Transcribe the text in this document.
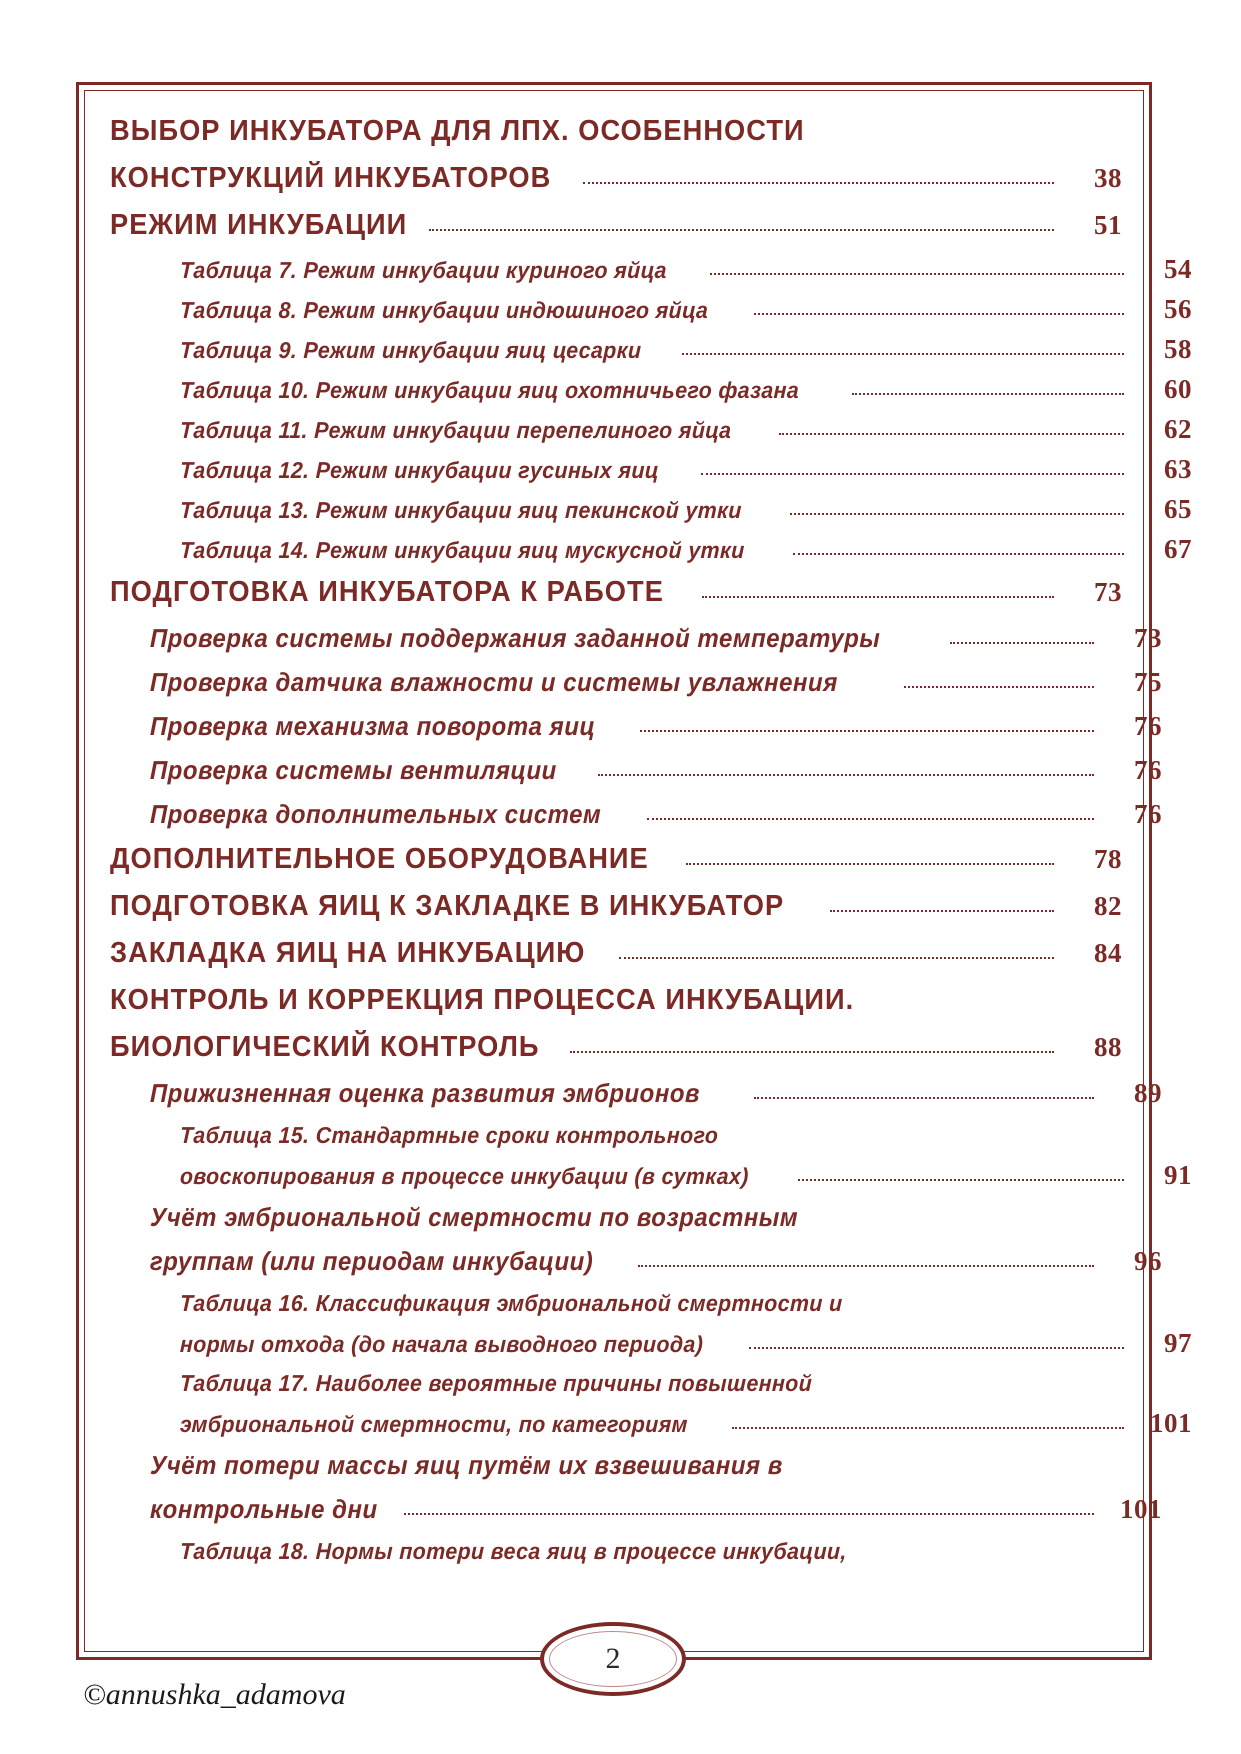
ВЫБОР ИНКУБАТОРА ДЛЯ ЛПХ. ОСОБЕННОСТИ
КОНСТРУКЦИЙ ИНКУБАТОРОВ	38
РЕЖИМ ИНКУБАЦИИ	51
Таблица 7. Режим инкубации куриного яйца	54
Таблица 8. Режим инкубации индюшиного яйца	56
Таблица 9. Режим инкубации яиц цесарки	58
Таблица 10. Режим инкубации яиц охотничьего фазана	60
Таблица 11. Режим инкубации перепелиного яйца	62
Таблица 12. Режим инкубации гусиных яиц	63
Таблица 13. Режим инкубации яиц пекинской утки	65
Таблица 14. Режим инкубации яиц мускусной утки	67
ПОДГОТОВКА ИНКУБАТОРА К РАБОТЕ	73
Проверка системы поддержания заданной температуры	73
Проверка датчика влажности и системы увлажнения	75
Проверка механизма поворота яиц	76
Проверка системы вентиляции	76
Проверка дополнительных систем	76
ДОПОЛНИТЕЛЬНОЕ ОБОРУДОВАНИЕ	78
ПОДГОТОВКА ЯИЦ К ЗАКЛАДКЕ В ИНКУБАТОР	82
ЗАКЛАДКА ЯИЦ НА ИНКУБАЦИЮ	84
КОНТРОЛЬ И КОРРЕКЦИЯ ПРОЦЕССА ИНКУБАЦИИ.
БИОЛОГИЧЕСКИЙ КОНТРОЛЬ	88
Прижизненная оценка развития эмбрионов	89
Таблица 15. Стандартные сроки контрольного
овоскопирования в процессе инкубации (в сутках)	91
Учёт эмбриональной смертности по возрастным
группам (или периодам инкубации)	96
Таблица 16. Классификация эмбриональной смертности и
нормы отхода (до начала выводного периода)	97
Таблица 17. Наиболее вероятные причины повышенной
эмбриональной смертности, по категориям	101
Учёт потери массы яиц путём их взвешивания в
контрольные дни	101
Таблица 18. Нормы потери веса яиц в процессе инкубации,
2
©annushka_adamova
